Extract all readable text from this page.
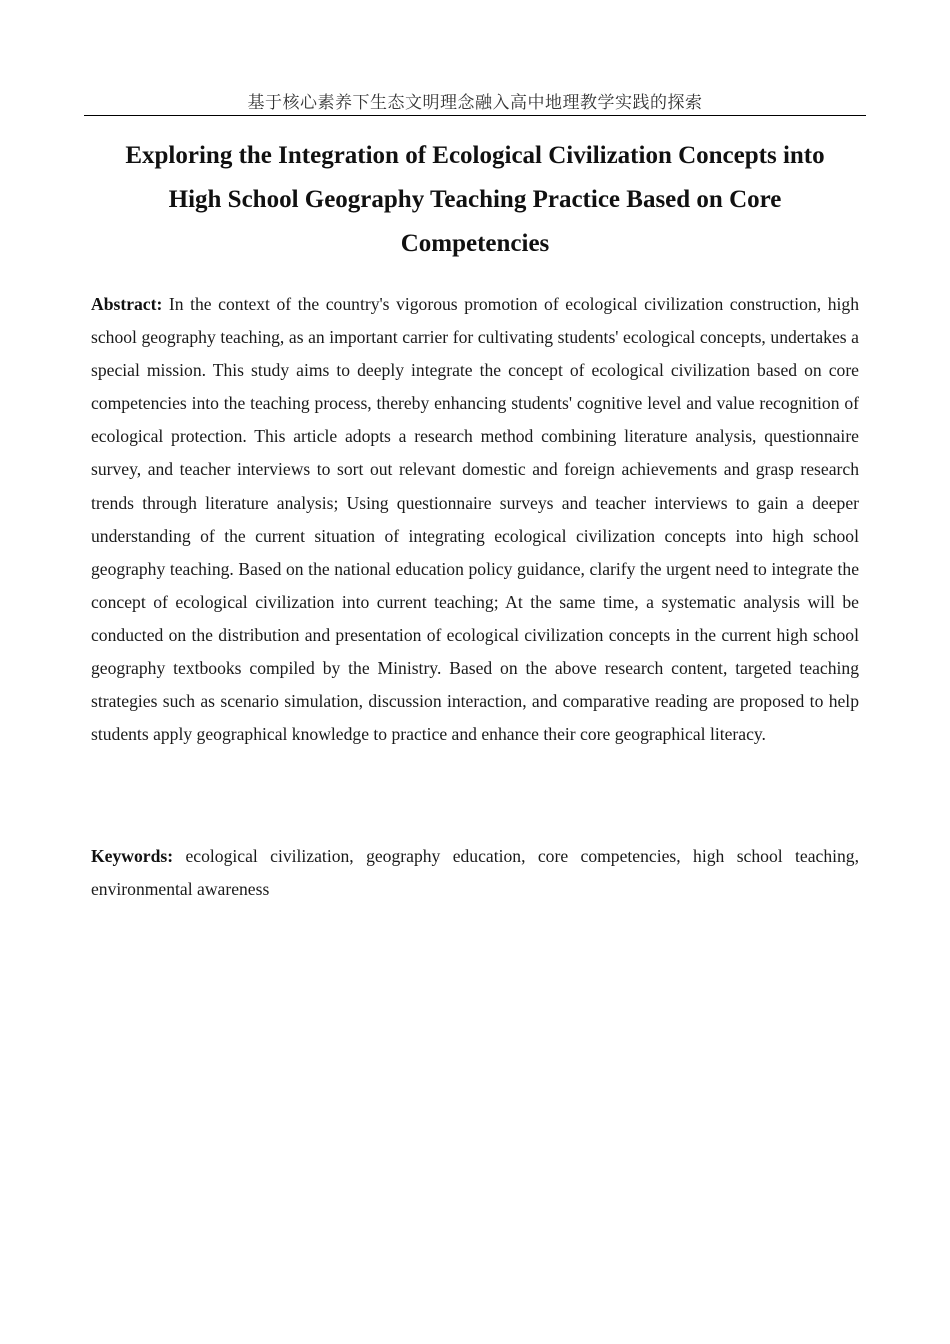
基于核心素养下生态文明理念融入高中地理教学实践的探索
Exploring the Integration of Ecological Civilization Concepts into High School Geography Teaching Practice Based on Core Competencies

Abstract: In the context of the country's vigorous promotion of ecological civilization construction, high school geography teaching, as an important carrier for cultivating students' ecological concepts, undertakes a special mission. This study aims to deeply integrate the concept of ecological civilization based on core competencies into the teaching process, thereby enhancing students' cognitive level and value recognition of ecological protection. This article adopts a research method combining literature analysis, questionnaire survey, and teacher interviews to sort out relevant domestic and foreign achievements and grasp research trends through literature analysis; Using questionnaire surveys and teacher interviews to gain a deeper understanding of the current situation of integrating ecological civilization concepts into high school geography teaching. Based on the national education policy guidance, clarify the urgent need to integrate the concept of ecological civilization into current teaching; At the same time, a systematic analysis will be conducted on the distribution and presentation of ecological civilization concepts in the current high school geography textbooks compiled by the Ministry. Based on the above research content, targeted teaching strategies such as scenario simulation, discussion interaction, and comparative reading are proposed to help students apply geographical knowledge to practice and enhance their core geographical literacy.

Keywords: ecological civilization, geography education, core competencies, high school teaching, environmental awareness
